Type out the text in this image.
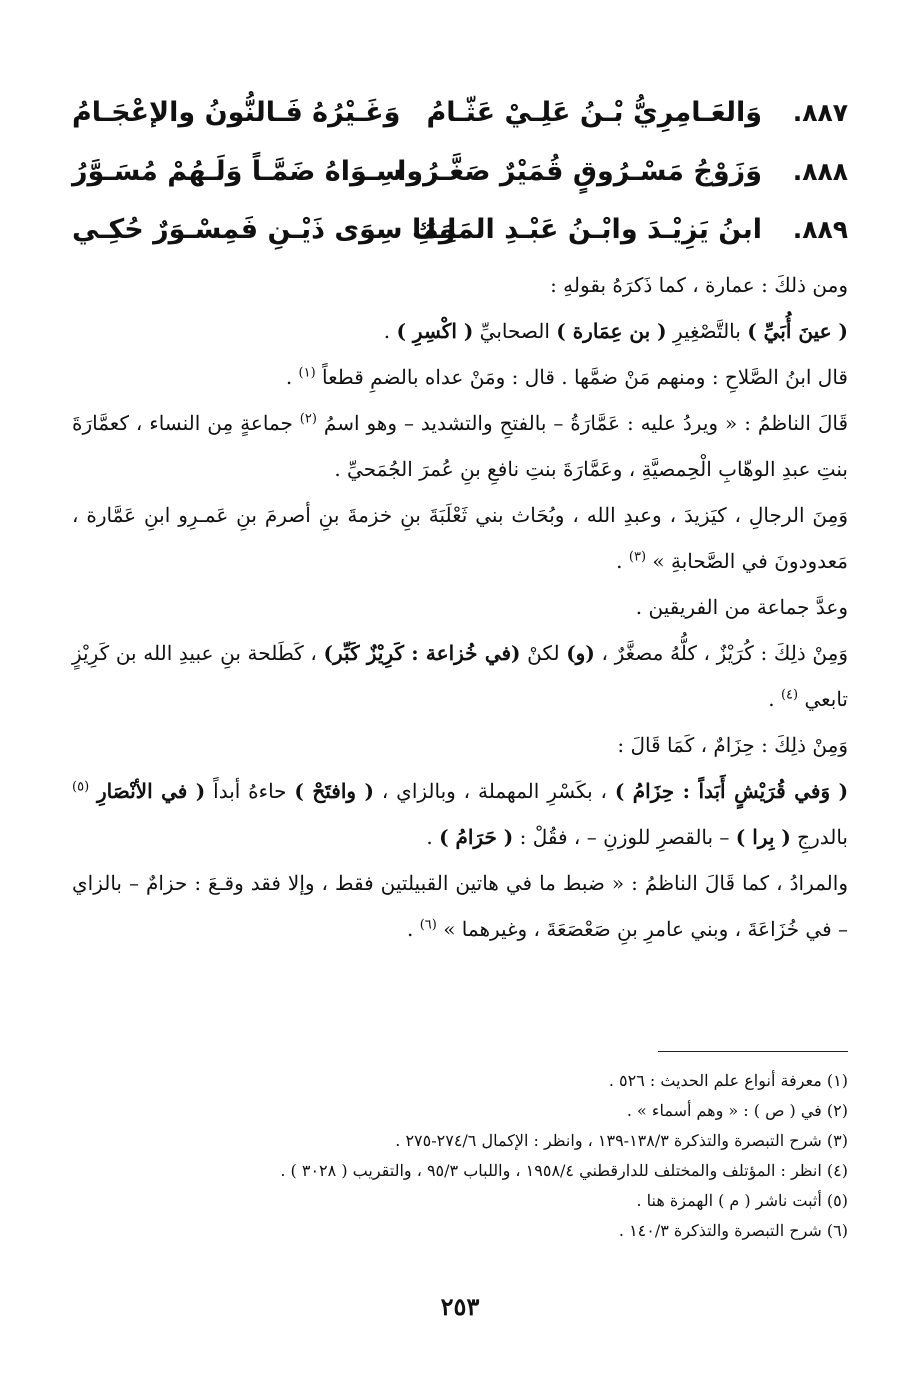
٨٨٧.
وَالعَـامِرِيُّ بْـنُ عَلِـيْ عَثّـامُ
وَغَـيْرُهُ فَـالنُّونُ والإعْجَـامُ
٨٨٨.
وَزَوْجُ مَسْـرُوقٍ قُمَيْرٌ صَغَّـرُوا
سِـوَاهُ ضَمَّـاً وَلَـهُمْ مُسَـوَّرُ
٨٨٩.
ابنُ يَزِيْـدَ وابْـنُ عَبْـدِ المَلِـكِ
وَمَا سِوَى ذَيْـنِ فَمِسْـوَرٌ حُكِـي

ومن ذلكَ : عمارة ، كما ذَكرَهُ بقولهِ :

( عينَ أُبَيِّ ) بالتَّصْغِيرِ ( بن عِمَارة ) الصحابيِّ ( اكْسِرِ ) .

قال ابنُ الصَّلاحِ : ومنهم مَنْ ضمَّها . قال : ومَنْ عداه بالضمِ قطعاً $^{(١)}$ .

قَالَ الناظمُ : « ويردُ عليه : عَمَّارَةُ – بالفتحِ والتشديد – وهو اسمُ $^{(٢)}$ جماعةٍ مِن النساء ، كعمَّارَةَ بنتِ عبدِ الوهّابِ الْحِمصيَّةِ ، وعَمَّارَةَ بنتِ نافعِ بنِ عُمرَ الجُمَحيِّ .

وَمِنَ الرجالِ ، كيَزيدَ ، وعبدِ الله ، وبُحَاث بني ثَعْلَبَةَ بنِ خزمةَ بنِ أصرمَ بنِ عَمـرِو ابنِ عَمَّارة ، مَعدودونَ في الصَّحابةِ » $^{(٣)}$ .

وعدَّ جماعة من الفريقين .

وَمِنْ ذلِكَ : كُرَيْزٌ ، كلُّهُ مصغَّرٌ ، (و) لكنْ (في خُزاعة : كَرِيْزٌ كَبِّر) ، كَطَلحة بنِ عبيدِ الله بن كَرِيْزٍ تابعي $^{(٤)}$ .

وَمِنْ ذلِكَ : حِزَامٌ ، كَمَا قَالَ :

( وَفي قُرَيْشٍ أَبَداً : حِزَامُ ) ، بكَسْرِ المهملة ، وبالزاي ، ( وافتَحْ ) حاءهُ أبداً ( في الأنْصَارِ $^{(٥)}$ بالدرجِ ( بِرا ) – بالقصرِ للوزنِ – ، فقُلْ : ( حَرَامُ ) .

والمرادُ ، كما قَالَ الناظمُ : « ضبط ما في هاتين القبيلتين فقط ، وإلا فقد وقـعَ : حزامٌ – بالزاي – في خُزَاعَةَ ، وبني عامرِ بنِ صَعْصَعَةَ ، وغيرهما » $^{(٦)}$ .

(١) معرفة أنواع علم الحديث : ٥٢٦ .
(٢) في ( ص ) : « وهم أسماء » .
(٣) شرح التبصرة والتذكرة ١٣٨/٣-١٣٩ ، وانظر : الإكمال ٢٧٤/٦-٢٧٥ .
(٤) انظر : المؤتلف والمختلف للدارقطني ١٩٥٨/٤ ، واللباب ٩٥/٣ ، والتقريب ( ٣٠٢٨ ) .
(٥) أثبت ناشر ( م ) الهمزة هنا .
(٦) شرح التبصرة والتذكرة ١٤٠/٣ .
٢٥٣
